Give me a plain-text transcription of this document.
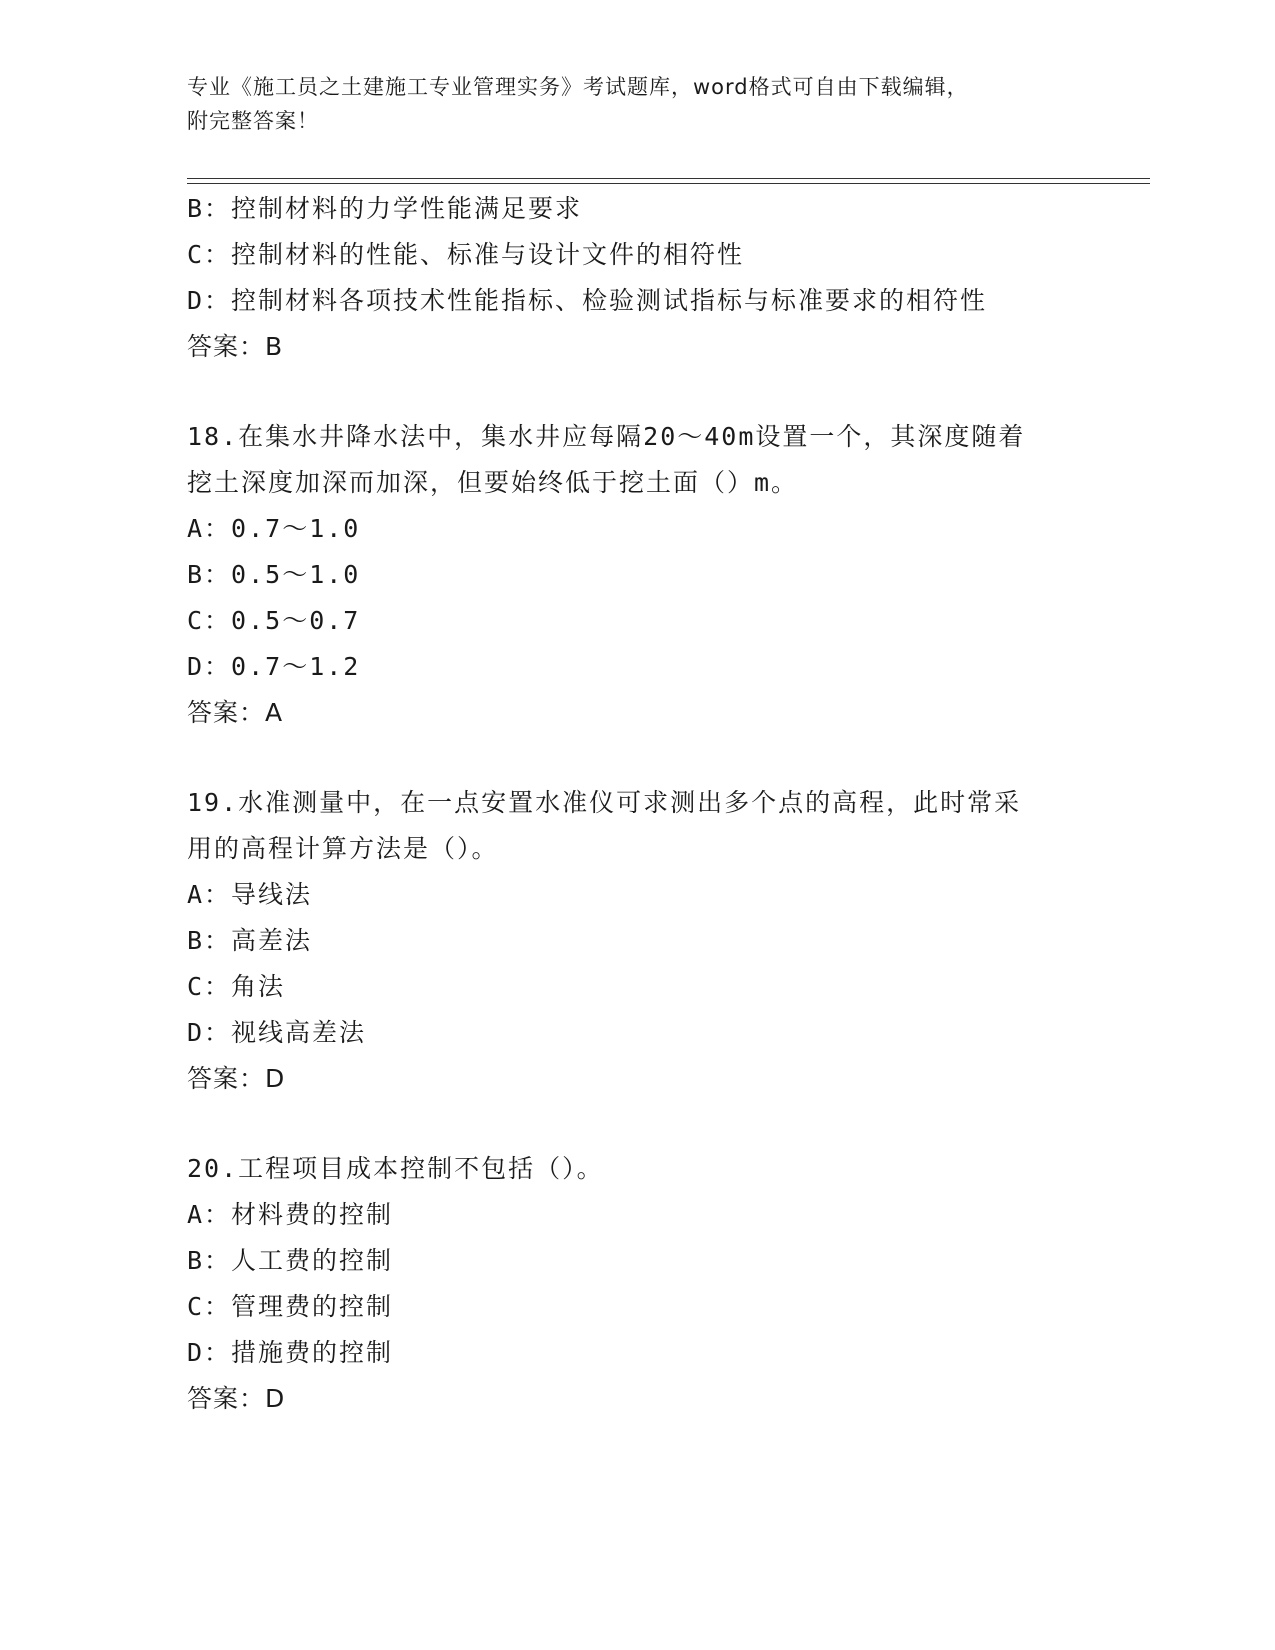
专业《施工员之土建施工专业管理实务》考试题库，word格式可自由下载编辑，
附完整答案！
B：控制材料的力学性能满足要求
C：控制材料的性能、标准与设计文件的相符性
D：控制材料各项技术性能指标、检验测试指标与标准要求的相符性
答案：B
18.在集水井降水法中，集水井应每隔20～40m设置一个，其深度随着
挖土深度加深而加深，但要始终低于挖土面（）m。
A：0.7～1.0
B：0.5～1.0
C：0.5～0.7
D：0.7～1.2
答案：A
19.水准测量中，在一点安置水准仪可求测出多个点的高程，此时常采
用的高程计算方法是（）。
A：导线法
B：高差法
C：角法
D：视线高差法
答案：D
20.工程项目成本控制不包括（）。
A：材料费的控制
B：人工费的控制
C：管理费的控制
D：措施费的控制
答案：D
